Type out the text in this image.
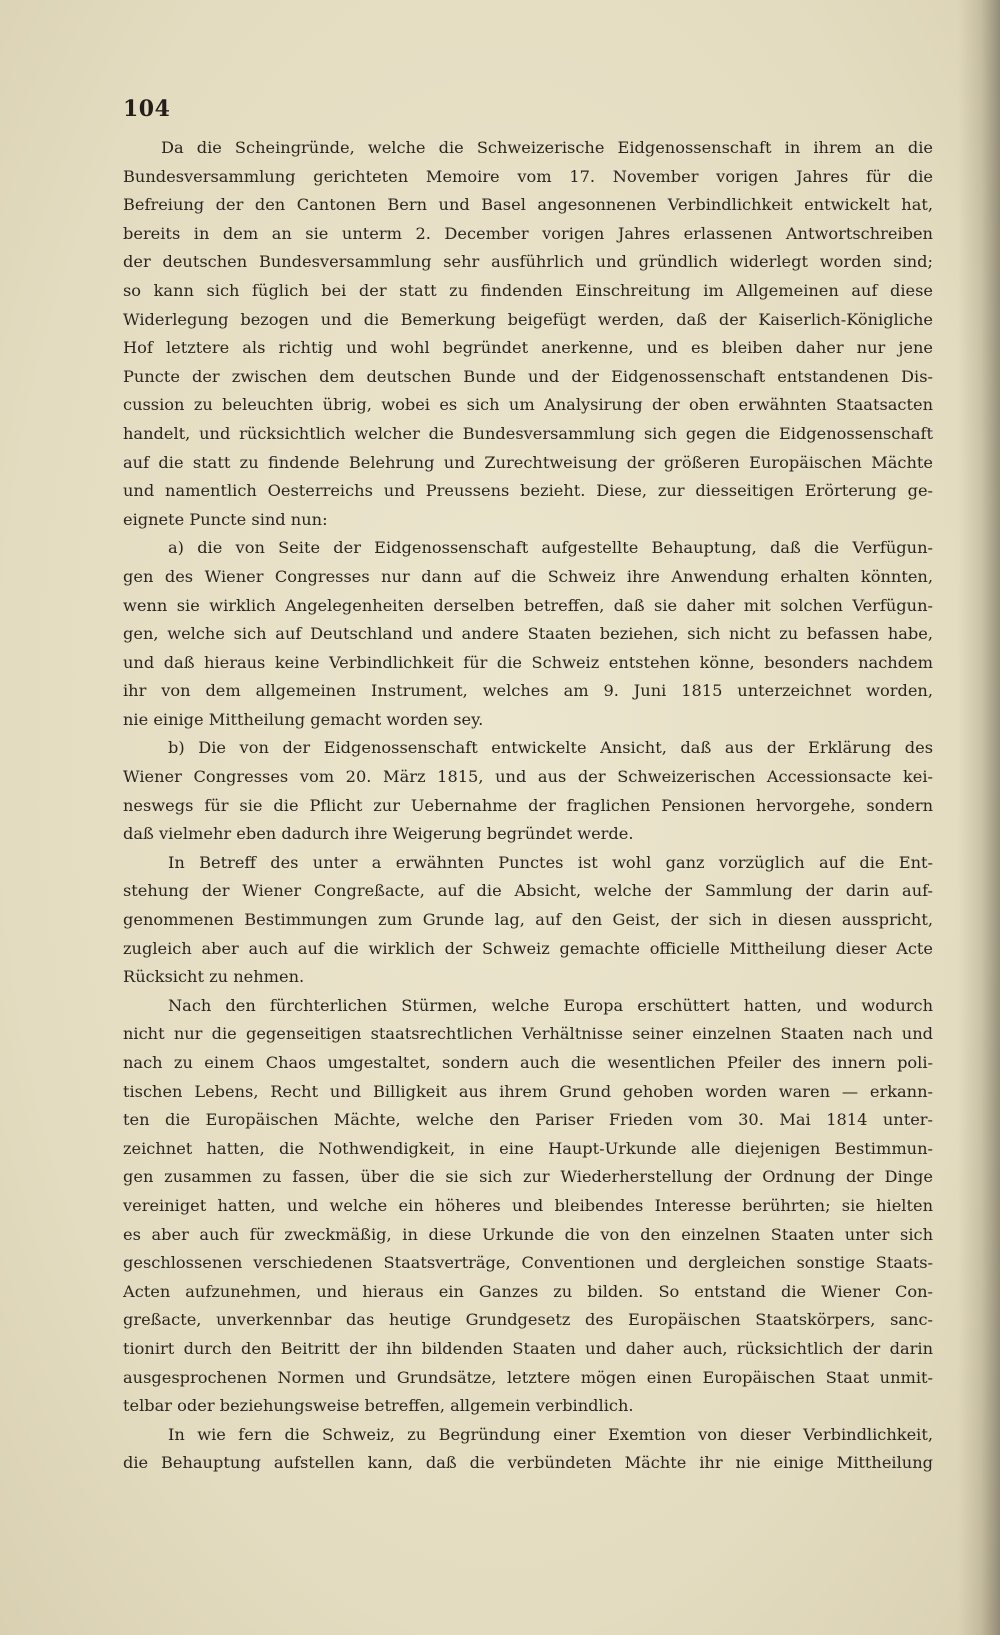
104
Da die Scheingründe, welche die Schweizerische Eidgenossenschaft in ihrem an die
Bundesversammlung gerichteten Memoire vom 17. November vorigen Jahres für die
Befreiung der den Cantonen Bern und Basel angesonnenen Verbindlichkeit entwickelt hat,
bereits in dem an sie unterm 2. December vorigen Jahres erlassenen Antwortschreiben
der deutschen Bundesversammlung sehr ausführlich und gründlich widerlegt worden sind;
so kann sich füglich bei der statt zu findenden Einschreitung im Allgemeinen auf diese
Widerlegung bezogen und die Bemerkung beigefügt werden, daß der Kaiserlich-Königliche
Hof letztere als richtig und wohl begründet anerkenne, und es bleiben daher nur jene
Puncte der zwischen dem deutschen Bunde und der Eidgenossenschaft entstandenen Dis-
cussion zu beleuchten übrig, wobei es sich um Analysirung der oben erwähnten Staatsacten
handelt, und rücksichtlich welcher die Bundesversammlung sich gegen die Eidgenossenschaft
auf die statt zu findende Belehrung und Zurechtweisung der größeren Europäischen Mächte
und namentlich Oesterreichs und Preussens bezieht. Diese, zur diesseitigen Erörterung ge-
eignete Puncte sind nun:
a) die von Seite der Eidgenossenschaft aufgestellte Behauptung, daß die Verfügun-
gen des Wiener Congresses nur dann auf die Schweiz ihre Anwendung erhalten könnten,
wenn sie wirklich Angelegenheiten derselben betreffen, daß sie daher mit solchen Verfügun-
gen, welche sich auf Deutschland und andere Staaten beziehen, sich nicht zu befassen habe,
und daß hieraus keine Verbindlichkeit für die Schweiz entstehen könne, besonders nachdem
ihr von dem allgemeinen Instrument, welches am 9. Juni 1815 unterzeichnet worden,
nie einige Mittheilung gemacht worden sey.
b) Die von der Eidgenossenschaft entwickelte Ansicht, daß aus der Erklärung des
Wiener Congresses vom 20. März 1815, und aus der Schweizerischen Accessionsacte kei-
neswegs für sie die Pflicht zur Uebernahme der fraglichen Pensionen hervorgehe, sondern
daß vielmehr eben dadurch ihre Weigerung begründet werde.
In Betreff des unter a erwähnten Punctes ist wohl ganz vorzüglich auf die Ent-
stehung der Wiener Congreßacte, auf die Absicht, welche der Sammlung der darin auf-
genommenen Bestimmungen zum Grunde lag, auf den Geist, der sich in diesen ausspricht,
zugleich aber auch auf die wirklich der Schweiz gemachte officielle Mittheilung dieser Acte
Rücksicht zu nehmen.
Nach den fürchterlichen Stürmen, welche Europa erschüttert hatten, und wodurch
nicht nur die gegenseitigen staatsrechtlichen Verhältnisse seiner einzelnen Staaten nach und
nach zu einem Chaos umgestaltet, sondern auch die wesentlichen Pfeiler des innern poli-
tischen Lebens, Recht und Billigkeit aus ihrem Grund gehoben worden waren — erkann-
ten die Europäischen Mächte, welche den Pariser Frieden vom 30. Mai 1814 unter-
zeichnet hatten, die Nothwendigkeit, in eine Haupt-Urkunde alle diejenigen Bestimmun-
gen zusammen zu fassen, über die sie sich zur Wiederherstellung der Ordnung der Dinge
vereiniget hatten, und welche ein höheres und bleibendes Interesse berührten; sie hielten
es aber auch für zweckmäßig, in diese Urkunde die von den einzelnen Staaten unter sich
geschlossenen verschiedenen Staatsverträge, Conventionen und dergleichen sonstige Staats-
Acten aufzunehmen, und hieraus ein Ganzes zu bilden. So entstand die Wiener Con-
greßacte, unverkennbar das heutige Grundgesetz des Europäischen Staatskörpers, sanc-
tionirt durch den Beitritt der ihn bildenden Staaten und daher auch, rücksichtlich der darin
ausgesprochenen Normen und Grundsätze, letztere mögen einen Europäischen Staat unmit-
telbar oder beziehungsweise betreffen, allgemein verbindlich.
In wie fern die Schweiz, zu Begründung einer Exemtion von dieser Verbindlichkeit,
die Behauptung aufstellen kann, daß die verbündeten Mächte ihr nie einige Mittheilung
